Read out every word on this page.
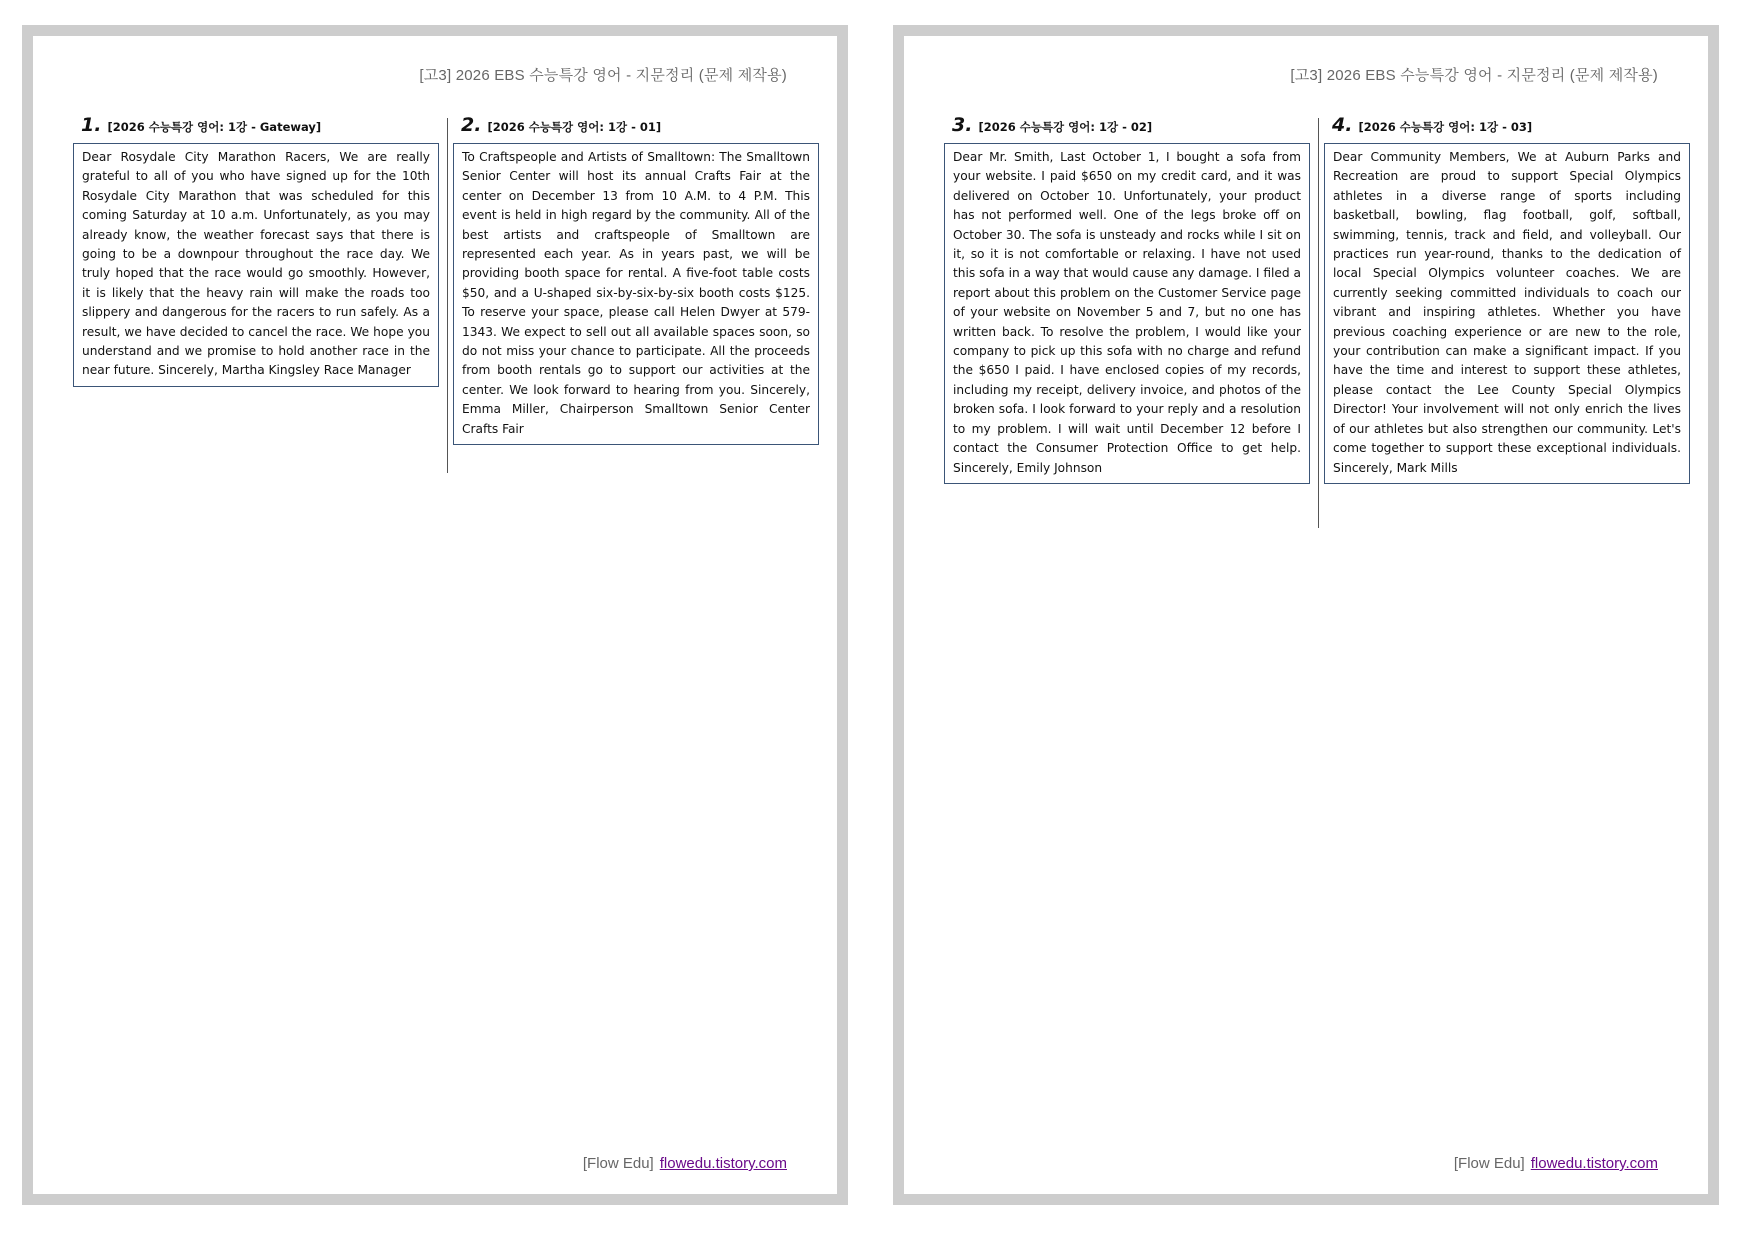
[고3] 2026 EBS 수능특강 영어 - 지문정리 (문제 제작용)
1. [2026 수능특강 영어: 1강 - Gateway]

Dear Rosydale City Marathon Racers, We are really grateful to all of you who have signed up for the 10th Rosydale City Marathon that was scheduled for this coming Saturday at 10 a.m. Unfortunately, as you may already know, the weather forecast says that there is going to be a downpour throughout the race day. We truly hoped that the race would go smoothly. However, it is likely that the heavy rain will make the roads too slippery and dangerous for the racers to run safely. As a result, we have decided to cancel the race. We hope you understand and we promise to hold another race in the near future. Sincerely, Martha Kingsley Race Manager

2. [2026 수능특강 영어: 1강 - 01]

To Craftspeople and Artists of Smalltown: The Smalltown Senior Center will host its annual Crafts Fair at the center on December 13 from 10 A.M. to 4 P.M. This event is held in high regard by the community. All of the best artists and craftspeople of Smalltown are represented each year. As in years past, we will be providing booth space for rental. A five-foot table costs $50, and a U-shaped six-by-six-by-six booth costs $125. To reserve your space, please call Helen Dwyer at 579-1343. We expect to sell out all available spaces soon, so do not miss your chance to participate. All the proceeds from booth rentals go to support our activities at the center. We look forward to hearing from you. Sincerely, Emma Miller, Chairperson Smalltown Senior Center Crafts Fair

[Flow Edu] flowedu.tistory.com
[고3] 2026 EBS 수능특강 영어 - 지문정리 (문제 제작용)
3. [2026 수능특강 영어: 1강 - 02]

Dear Mr. Smith, Last October 1, I bought a sofa from your website. I paid $650 on my credit card, and it was delivered on October 10. Unfortunately, your product has not performed well. One of the legs broke off on October 30. The sofa is unsteady and rocks while I sit on it, so it is not comfortable or relaxing. I have not used this sofa in a way that would cause any damage. I filed a report about this problem on the Customer Service page of your website on November 5 and 7, but no one has written back. To resolve the problem, I would like your company to pick up this sofa with no charge and refund the $650 I paid. I have enclosed copies of my records, including my receipt, delivery invoice, and photos of the broken sofa. I look forward to your reply and a resolution to my problem. I will wait until December 12 before I contact the Consumer Protection Office to get help. Sincerely, Emily Johnson

4. [2026 수능특강 영어: 1강 - 03]

Dear Community Members, We at Auburn Parks and Recreation are proud to support Special Olympics athletes in a diverse range of sports including basketball, bowling, flag football, golf, softball, swimming, tennis, track and field, and volleyball. Our practices run year-round, thanks to the dedication of local Special Olympics volunteer coaches. We are currently seeking committed individuals to coach our vibrant and inspiring athletes. Whether you have previous coaching experience or are new to the role, your contribution can make a significant impact. If you have the time and interest to support these athletes, please contact the Lee County Special Olympics Director! Your involvement will not only enrich the lives of our athletes but also strengthen our community. Let's come together to support these exceptional individuals. Sincerely, Mark Mills

[Flow Edu] flowedu.tistory.com
